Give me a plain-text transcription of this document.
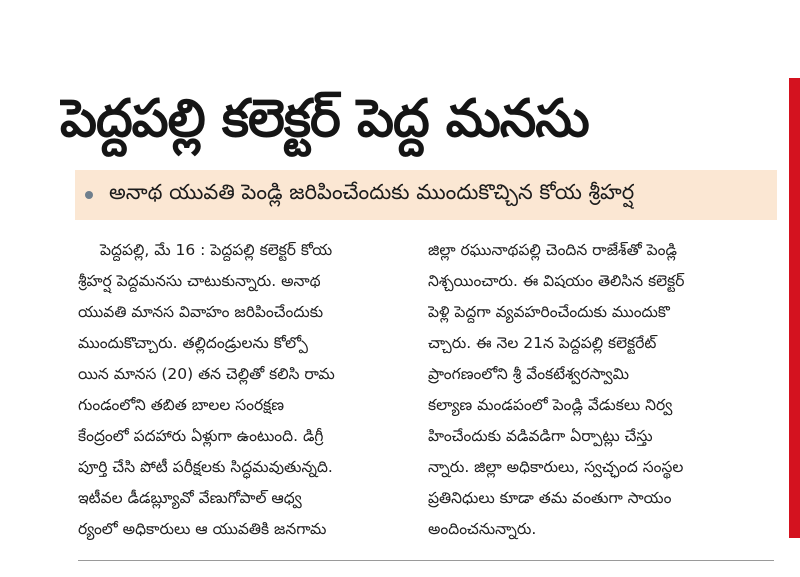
పెద్దపల్లి కలెక్టర్‌ పెద్ద మనసు
అనాథ యువతి పెండ్లి జరిపించేందుకు ముందుకొచ్చిన కోయ శ్రీహర్ష
పెద్దపల్లి, మే 16 : పెద్దపల్లి కలెక్టర్‌ కోయ
శ్రీహర్ష పెద్దమనసు చాటుకున్నారు. అనాథ
యువతి మానస వివాహం జరిపించేందుకు
ముందుకొచ్చారు. తల్లిదండ్రులను కోల్పో
యిన మానస (20) తన చెల్లితో కలిసి రామ
గుండంలోని తబిత బాలల సంరక్షణ
కేంద్రంలో పదహారు ఏళ్లుగా ఉంటుంది. డిగ్రీ
పూర్తి చేసి పోటీ పరీక్షలకు సిద్ధమవుతున్నది.
ఇటీవల డీడబ్ల్యూవో వేణుగోపాల్‌ ఆధ్వ
ర్యంలో అధికారులు ఆ యువతికి జనగామ
జిల్లా రఘునాథపల్లి చెందిన రాజేశ్‌తో పెండ్లి
నిశ్చయించారు. ఈ విషయం తెలిసిన కలెక్టర్‌
పెళ్లి పెద్దగా వ్యవహరించేందుకు ముందుకొ
చ్చారు. ఈ నెల 21న పెద్దపల్లి కలెక్టరేట్‌
ప్రాంగణంలోని శ్రీ వేంకటేశ్వరస్వామి
కల్యాణ మండపంలో పెండ్లి వేడుకలు నిర్వ
హించేందుకు వడివడిగా ఏర్పాట్లు చేస్తు
న్నారు. జిల్లా అధికారులు, స్వచ్ఛంద సంస్థల
ప్రతినిధులు కూడా తమ వంతుగా సాయం
అందించనున్నారు.
